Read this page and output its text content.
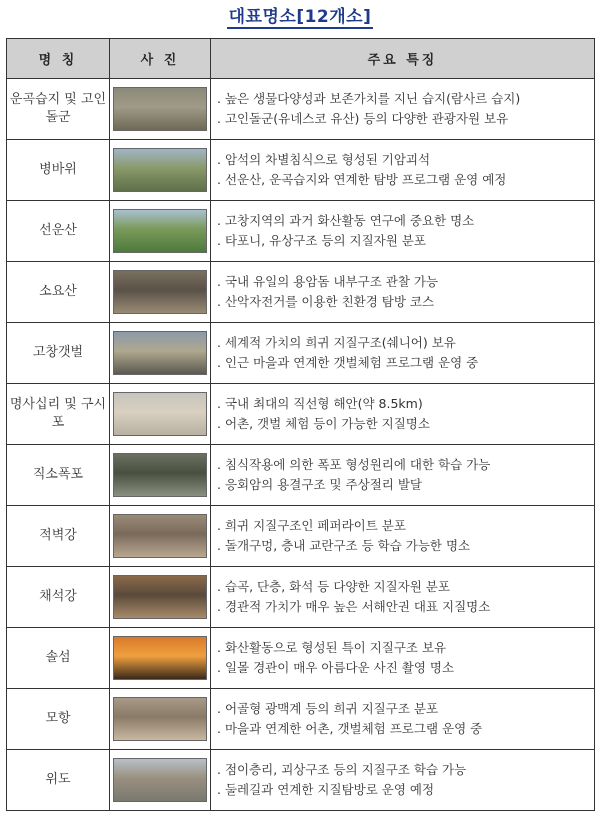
대표명소[12개소]
명 칭	사 진	주요 특징
운곡습지 및 고인돌군		. 높은 생물다양성과 보존가치를 지닌 습지(람사르 습지)
. 고인돌군(유네스코 유산) 등의 다양한 관광자원 보유

병바위		. 암석의 차별침식으로 형성된 기암괴석
. 선운산, 운곡습지와 연계한 탐방 프로그램 운영 예정

선운산		. 고창지역의 과거 화산활동 연구에 중요한 명소
. 타포니, 유상구조 등의 지질자원 분포

소요산		. 국내 유일의 용암돔 내부구조 관찰 가능
. 산악자전거를 이용한 친환경 탐방 코스

고창갯벌		. 세계적 가치의 희귀 지질구조(쉐니어) 보유
. 인근 마을과 연계한 갯벌체험 프로그램 운영 중

명사십리 및 구시포		. 국내 최대의 직선형 해안(약 8.5km)
. 어촌, 갯벌 체험 등이 가능한 지질명소

직소폭포		. 침식작용에 의한 폭포 형성원리에 대한 학습 가능
. 응회암의 용결구조 및 주상절리 발달

적벽강		. 희귀 지질구조인 페퍼라이트 분포
. 돌개구멍, 층내 교란구조 등 학습 가능한 명소

채석강		. 습곡, 단층, 화석 등 다양한 지질자원 분포
. 경관적 가치가 매우 높은 서해안권 대표 지질명소

솔섬		. 화산활동으로 형성된 특이 지질구조 보유
. 일몰 경관이 매우 아름다운 사진 촬영 명소

모항		. 어골형 광맥계 등의 희귀 지질구조 분포
. 마을과 연계한 어촌, 갯벌체험 프로그램 운영 중

위도		. 점이층리, 괴상구조 등의 지질구조 학습 가능
. 둘레길과 연계한 지질탐방로 운영 예정
